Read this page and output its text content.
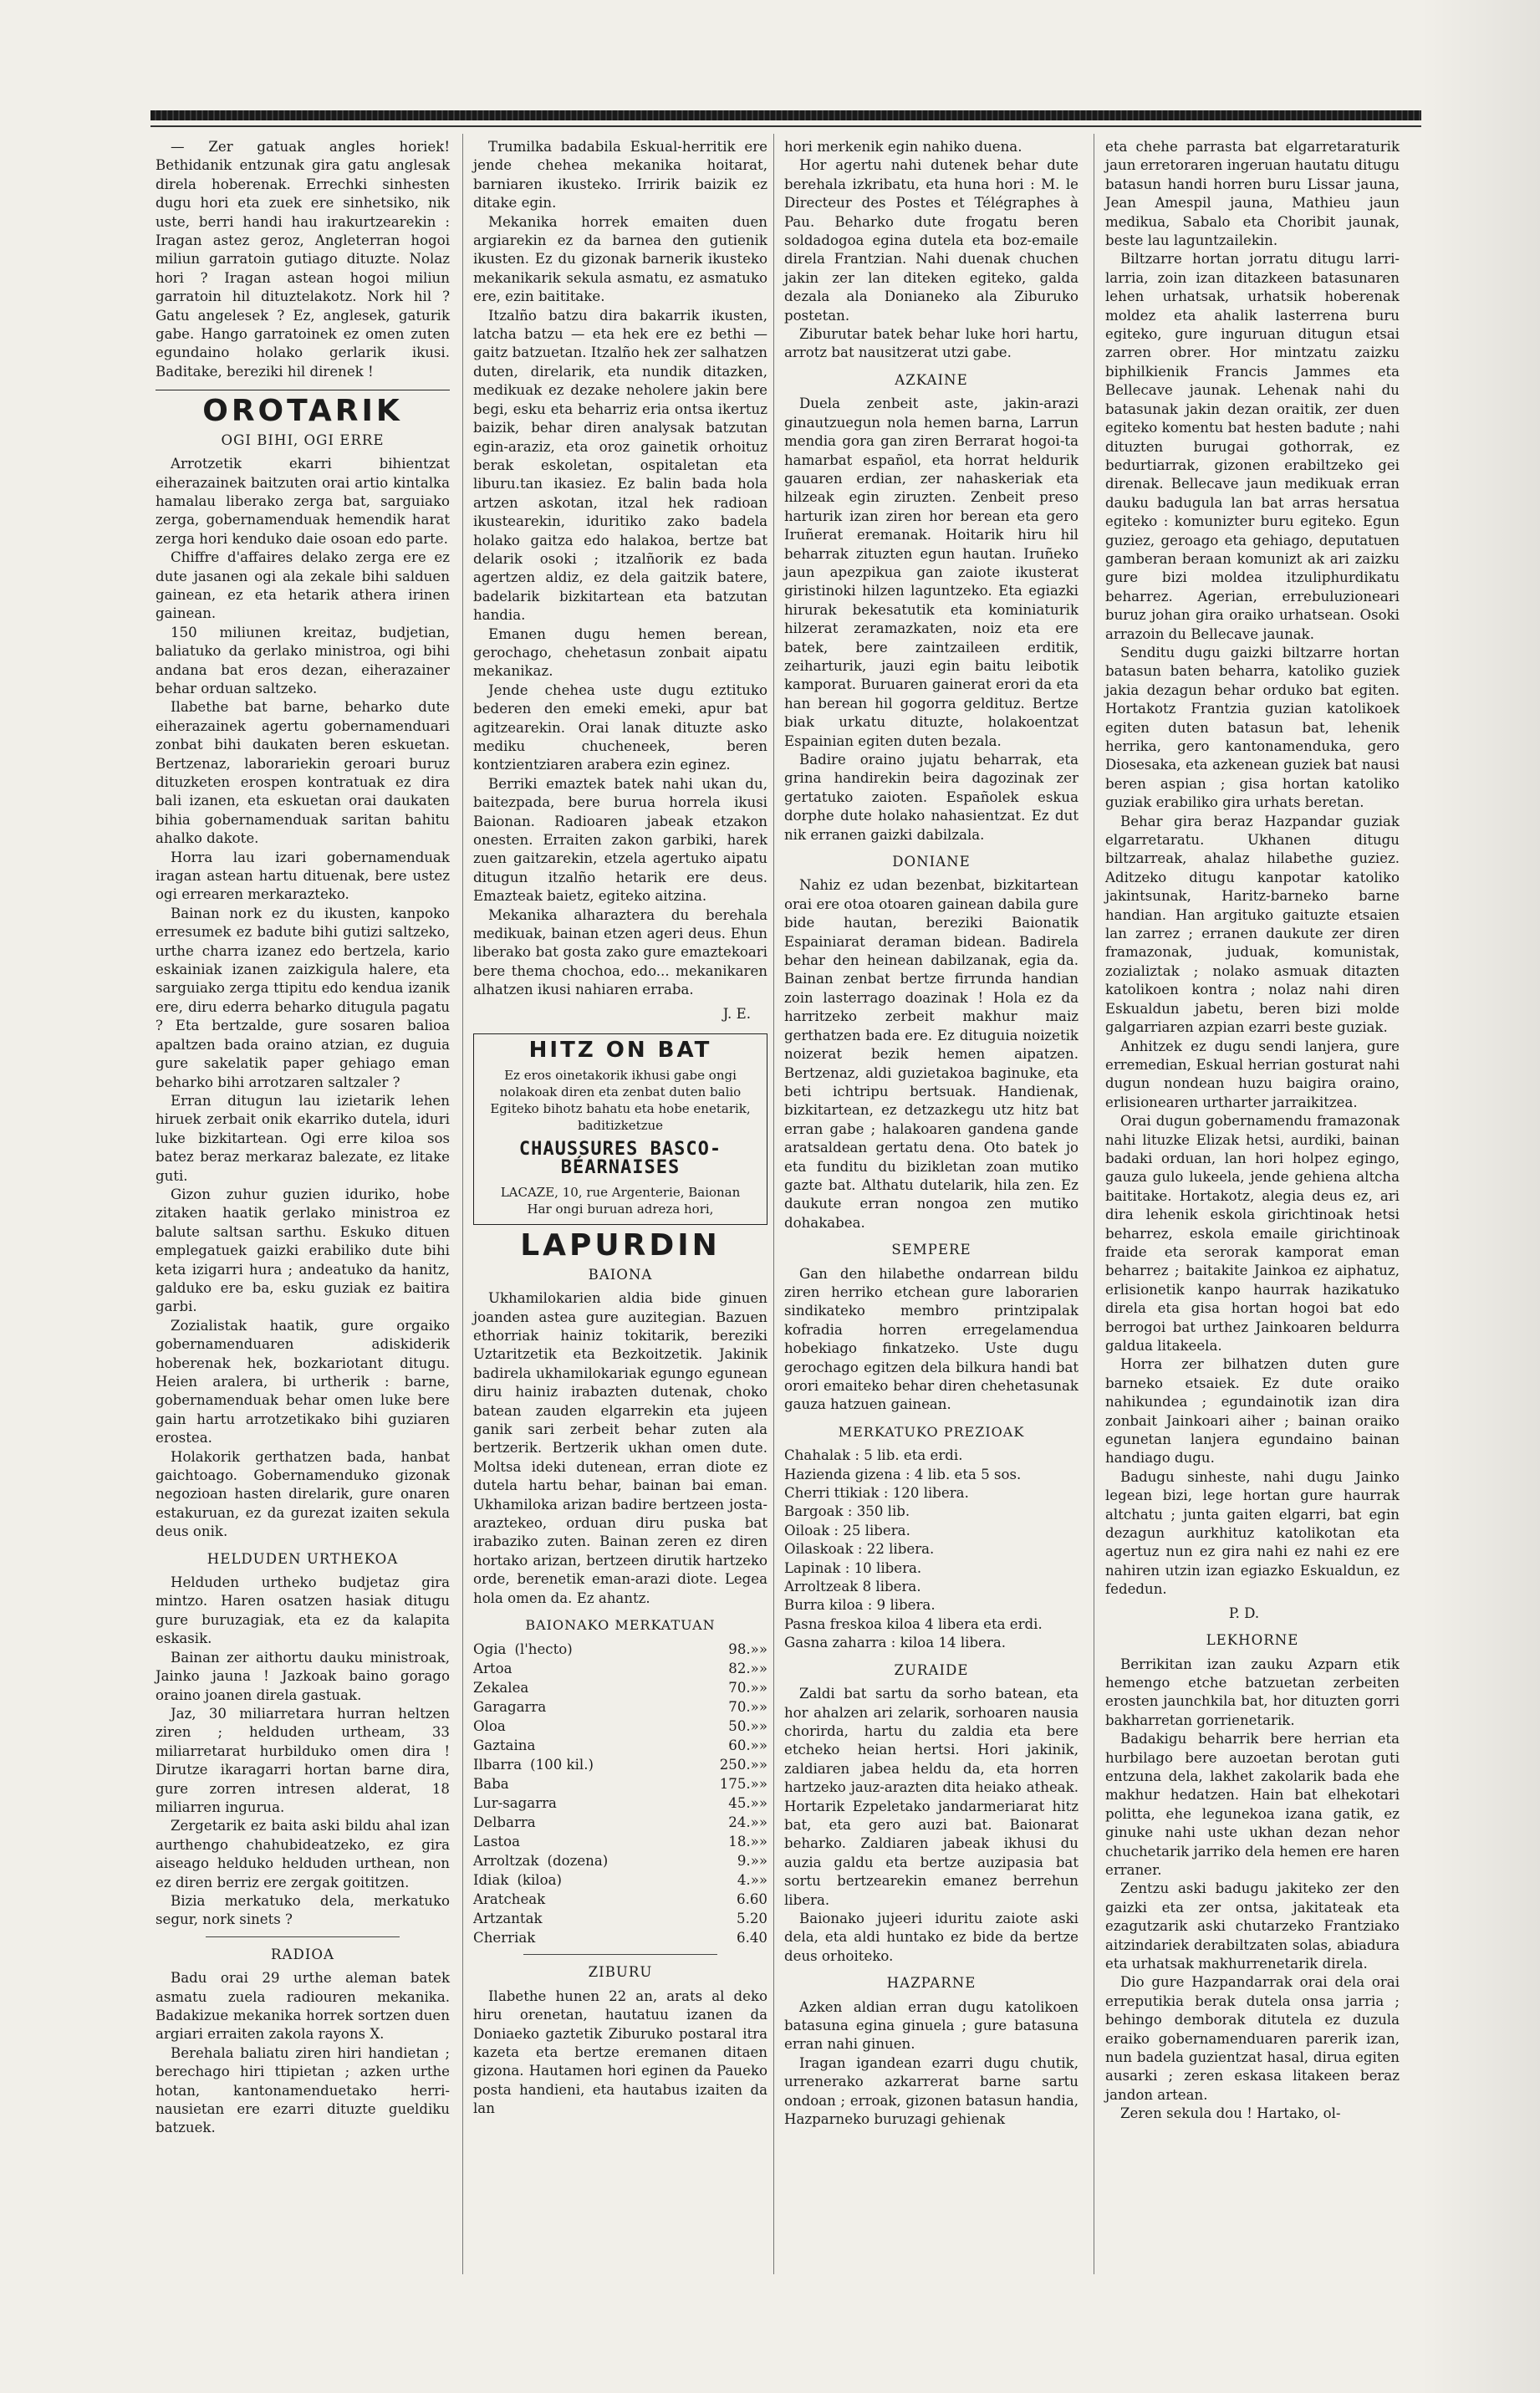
— Zer gatuak angles horiek! Bethidanik entzunak gira gatu anglesak direla hoberenak. Errechki sinhesten dugu hori eta zuek ere sinhetsiko, nik uste, berri handi hau irakurtzearekin : Iragan astez geroz, Angleterran hogoi miliun garratoin gutiago dituzte. Nolaz hori ? Iragan astean hogoi miliun garratoin hil dituztelakotz. Nork hil ? Gatu angelesek ? Ez, anglesek, gaturik gabe. Hango garratoinek ez omen zuten egundaino holako gerlarik ikusi. Baditake, bereziki hil direnek !

OROTARIK
OGI BIHI, OGI ERRE

Arrotzetik ekarri bihientzat eiherazainek baitzuten orai artio kintalka hamalau liberako zerga bat, sarguiako zerga, gobernamenduak hemendik harat zerga hori kenduko daie osoan edo parte.

Chiffre d'affaires delako zerga ere ez dute jasanen ogi ala zekale bihi salduen gainean, ez eta hetarik athera irinen gainean.

150 miliunen kreitaz, budjetian, baliatuko da gerlako ministroa, ogi bihi andana bat eros dezan, eiherazainer behar orduan saltzeko.

Ilabethe bat barne, beharko dute eiherazainek agertu gobernamenduari zonbat bihi daukaten beren eskuetan. Bertzenaz, laborariekin geroari buruz dituzketen erospen kontratuak ez dira bali izanen, eta eskuetan orai daukaten bihia gobernamenduak saritan bahitu ahalko dakote.

Horra lau izari gobernamenduak iragan astean hartu dituenak, bere ustez ogi errearen merkarazteko.

Bainan nork ez du ikusten, kanpoko erresumek ez badute bihi gutizi saltzeko, urthe charra izanez edo bertzela, kario eskainiak izanen zaizkigula halere, eta sarguiako zerga ttipitu edo kendua izanik ere, diru ederra beharko ditugula pagatu ? Eta bertzalde, gure sosaren balioa apaltzen bada oraino atzian, ez duguia gure sakelatik paper gehiago eman beharko bihi arrotzaren saltzaler ?

Erran ditugun lau izietarik lehen hiruek zerbait onik ekarriko dutela, iduri luke bizkitartean. Ogi erre kiloa sos batez beraz merkaraz balezate, ez litake guti.

Gizon zuhur guzien iduriko, hobe zitaken haatik gerlako ministroa ez balute saltsan sarthu. Eskuko dituen emplegatuek gaizki erabiliko dute bihi keta izigarri hura ; andeatuko da hanitz, galduko ere ba, esku guziak ez baitira garbi.

Zozialistak haatik, gure orgaiko gobernamenduaren adiskiderik hoberenak hek, bozkariotant ditugu. Heien aralera, bi urtherik : barne, gobernamenduak behar omen luke bere gain hartu arrotzetikako bihi guziaren erostea.

Holakorik gerthatzen bada, hanbat gaichtoago. Gobernamenduko gizonak negozioan hasten direlarik, gure onaren estakuruan, ez da gurezat izaiten sekula deus onik.

HELDUDEN URTHEKOA

Helduden urtheko budjetaz gira mintzo. Haren osatzen hasiak ditugu gure buruzagiak, eta ez da kalapita eskasik.

Bainan zer aithortu dauku ministroak, Jainko jauna ! Jazkoak baino gorago oraino joanen direla gastuak.

Jaz, 30 miliarretara hurran heltzen ziren ; helduden urtheam, 33 miliarretarat hurbilduko omen dira ! Dirutze ikaragarri hortan barne dira, gure zorren intresen alderat, 18 miliarren ingurua.

Zergetarik ez baita aski bildu ahal izan aurthengo chahubideatzeko, ez gira aiseago helduko helduden urthean, non ez diren berriz ere zergak goititzen.

Bizia merkatuko dela, merkatuko segur, nork sinets ?

RADIOA

Badu orai 29 urthe aleman batek asmatu zuela radiouren mekanika. Badakizue mekanika horrek sortzen duen argiari erraiten zakola rayons X.

Berehala baliatu ziren hiri handietan ; berechago hiri ttipietan ; azken urthe hotan, kantonamenduetako herri-nausietan ere ezarri dituzte gueldiku batzuek.

Trumilka badabila Eskual-herritik ere jende chehea mekanika hoitarat, barniaren ikusteko. Irririk baizik ez ditake egin.

Mekanika horrek emaiten duen argiarekin ez da barnea den gutienik ikusten. Ez du gizonak barnerik ikusteko mekanikarik sekula asmatu, ez asmatuko ere, ezin baititake.

Itzalño batzu dira bakarrik ikusten, latcha batzu — eta hek ere ez bethi — gaitz batzuetan. Itzalño hek zer salhatzen duten, direlarik, eta nundik ditazken, medikuak ez dezake neholere jakin bere begi, esku eta beharriz eria ontsa ikertuz baizik, behar diren analysak batzutan egin-araziz, eta oroz gainetik orhoituz berak eskoletan, ospitaletan eta liburu.tan ikasiez. Ez balin bada hola artzen askotan, itzal hek radioan ikustearekin, iduritiko zako badela holako gaitza edo halakoa, bertze bat delarik osoki ; itzalñorik ez bada agertzen aldiz, ez dela gaitzik batere, badelarik bizkitartean eta batzutan handia.

Emanen dugu hemen berean, gerochago, chehetasun zonbait aipatu mekanikaz.

Jende chehea uste dugu eztituko bederen den emeki emeki, apur bat agitzearekin. Orai lanak dituzte asko mediku chucheneek, beren kontzientziaren arabera ezin eginez.

Berriki emaztek batek nahi ukan du, baitezpada, bere burua horrela ikusi Baionan. Radioaren jabeak etzakon onesten. Erraiten zakon garbiki, harek zuen gaitzarekin, etzela agertuko aipatu ditugun itzalño hetarik ere deus. Emazteak baietz, egiteko aitzina.

Mekanika alharaztera du berehala medikuak, bainan etzen ageri deus. Ehun liberako bat gosta zako gure emaztekoari bere thema chochoa, edo... mekanikaren alhatzen ikusi nahiaren erraba.

J. E.
HITZ ON BAT
Ez eros oinetakorik ikhusi gabe ongi nolakoak diren eta zenbat duten balio Egiteko bihotz bahatu eta hobe enetarik, baditizketzue
CHAUSSURES BASCO-BÉARNAISES
LACAZE, 10, rue Argenterie, Baionan
Har ongi buruan adreza hori,
LAPURDIN
BAIONA

Ukhamilokarien aldia bide ginuen joanden astea gure auzitegian. Bazuen ethorriak hainiz tokitarik, bereziki Uztaritzetik eta Bezkoitzetik. Jakinik badirela ukhamilokariak egungo egunean diru hainiz irabazten dutenak, choko batean zauden elgarrekin eta jujeen ganik sari zerbeit behar zuten ala bertzerik. Bertzerik ukhan omen dute. Moltsa ideki dutenean, erran diote ez dutela hartu behar, bainan bai eman. Ukhamiloka arizan badire bertzeen josta-araztekeo, orduan diru puska bat irabaziko zuten. Bainan zeren ez diren hortako arizan, bertzeen dirutik hartzeko orde, berenetik eman-arazi diote. Legea hola omen da. Ez ahantz.

BAIONAKO MERKATUAN
Ogia (l'hecto)	98.»»
Artoa	82.»»
Zekalea	70.»»
Garagarra	70.»»
Oloa	50.»»
Gaztaina	60.»»
Ilbarra (100 kil.)	250.»»
Baba	175.»»
Lur-sagarra	45.»»
Delbarra	24.»»
Lastoa	18.»»
Arroltzak (dozena)	9.»»
Idiak (kiloa)	4.»»
Aratcheak	6.60
Artzantak	5.20
Cherriak	6.40
ZIBURU

Ilabethe hunen 22 an, arats al deko hiru orenetan, hautatuu izanen da Doniaeko gaztetik Ziburuko postaral itra kazeta eta bertze eremanen ditaen gizona. Hautamen hori eginen da Paueko posta handieni, eta hautabus izaiten da lan

hori merkenik egin nahiko duena.

Hor agertu nahi dutenek behar dute berehala izkribatu, eta huna hori : M. le Directeur des Postes et Télégraphes à Pau. Beharko dute frogatu beren soldadogoa egina dutela eta boz-emaile direla Frantzian. Nahi duenak chuchen jakin zer lan diteken egiteko, galda dezala ala Donianeko ala Ziburuko postetan.

Ziburutar batek behar luke hori hartu, arrotz bat nausitzerat utzi gabe.

AZKAINE

Duela zenbeit aste, jakin-arazi ginautzuegun nola hemen barna, Larrun mendia gora gan ziren Berrarat hogoi-ta hamarbat español, eta horrat heldurik gauaren erdian, zer nahaskeriak eta hilzeak egin ziruzten. Zenbeit preso harturik izan ziren hor berean eta gero Iruñerat eremanak. Hoitarik hiru hil beharrak zituzten egun hautan. Iruñeko jaun apezpikua gan zaiote ikusterat giristinoki hilzen laguntzeko. Eta egiazki hirurak bekesatutik eta kominiaturik hilzerat zeramazkaten, noiz eta ere batek, bere zaintzaileen erditik, zeiharturik, jauzi egin baitu leibotik kamporat. Buruaren gainerat erori da eta han berean hil gogorra geldituz. Bertze biak urkatu dituzte, holakoentzat Espainian egiten duten bezala.

Badire oraino jujatu beharrak, eta grina handirekin beira dagozinak zer gertatuko zaioten. Españolek eskua dorphe dute holako nahasientzat. Ez dut nik erranen gaizki dabilzala.

DONIANE

Nahiz ez udan bezenbat, bizkitartean orai ere otoa otoaren gainean dabila gure bide hautan, bereziki Baionatik Espainiarat deraman bidean. Badirela behar den heinean dabilzanak, egia da. Bainan zenbat bertze firrunda handian zoin lasterrago doazinak ! Hola ez da harritzeko zerbeit makhur maiz gerthatzen bada ere. Ez dituguia noizetik noizerat bezik hemen aipatzen. Bertzenaz, aldi guzietakoa baginuke, eta beti ichtripu bertsuak. Handienak, bizkitartean, ez detzazkegu utz hitz bat erran gabe ; halakoaren gandena gande aratsaldean gertatu dena. Oto batek jo eta funditu du bizikletan zoan mutiko gazte bat. Althatu dutelarik, hila zen. Ez daukute erran nongoa zen mutiko dohakabea.

SEMPERE

Gan den hilabethe ondarrean bildu ziren herriko etchean gure laborarien sindikateko membro printzipalak kofradia horren erregelamendua hobekiago finkatzeko. Uste dugu gerochago egitzen dela bilkura handi bat orori emaiteko behar diren chehetasunak gauza hatzuen gainean.

MERKATUKO PREZIOAK
Chahalak : 5 lib. eta erdi.
Hazienda gizena : 4 lib. eta 5 sos.
Cherri ttikiak : 120 libera.
Bargoak : 350 lib.
Oiloak : 25 libera.
Oilaskoak : 22 libera.
Lapinak : 10 libera.
Arroltzeak 8 libera.
Burra kiloa : 9 libera.
Pasna freskoa kiloa 4 libera eta erdi.
Gasna zaharra : kiloa 14 libera.
ZURAIDE

Zaldi bat sartu da sorho batean, eta hor ahalzen ari zelarik, sorhoaren nausia chorirda, hartu du zaldia eta bere etcheko heian hertsi. Hori jakinik, zaldiaren jabea heldu da, eta horren hartzeko jauz-arazten dita heiako atheak. Hortarik Ezpeletako jandarmeriarat hitz bat, eta gero auzi bat. Baionarat beharko. Zaldiaren jabeak ikhusi du auzia galdu eta bertze auzipasia bat sortu bertzearekin emanez berrehun libera.

Baionako jujeeri iduritu zaiote aski dela, eta aldi huntako ez bide da bertze deus orhoiteko.

HAZPARNE

Azken aldian erran dugu katolikoen batasuna egina ginuela ; gure batasuna erran nahi ginuen.

Iragan igandean ezarri dugu chutik, urrenerako azkarrerat barne sartu ondoan ; erroak, gizonen batasun handia, Hazparneko buruzagi gehienak

eta chehe parrasta bat elgarretaraturik jaun erretoraren ingeruan hautatu ditugu batasun handi horren buru Lissar jauna, Jean Amespil jauna, Mathieu jaun medikua, Sabalo eta Choribit jaunak, beste lau laguntzailekin.

Biltzarre hortan jorratu ditugu larri-larria, zoin izan ditazkeen batasunaren lehen urhatsak, urhatsik hoberenak moldez eta ahalik lasterrena buru egiteko, gure inguruan ditugun etsai zarren obrer. Hor mintzatu zaizku biphilkienik Francis Jammes eta Bellecave jaunak. Lehenak nahi du batasunak jakin dezan oraitik, zer duen egiteko komentu bat hesten badute ; nahi dituzten burugai gothorrak, ez bedurtiarrak, gizonen erabiltzeko gei direnak. Bellecave jaun medikuak erran dauku badugula lan bat arras hersatua egiteko : komunizter buru egiteko. Egun guziez, geroago eta gehiago, deputatuen gamberan beraan komunizt ak ari zaizku gure bizi moldea itzuliphurdikatu beharrez. Agerian, errebuluzioneari buruz johan gira oraiko urhatsean. Osoki arrazoin du Bellecave jaunak.

Senditu dugu gaizki biltzarre hortan batasun baten beharra, katoliko guziek jakia dezagun behar orduko bat egiten. Hortakotz Frantzia guzian katolikoek egiten duten batasun bat, lehenik herrika, gero kantonamenduka, gero Diosesaka, eta azkenean guziek bat nausi beren aspian ; gisa hortan katoliko guziak erabiliko gira urhats beretan.

Behar gira beraz Hazpandar guziak elgarretaratu. Ukhanen ditugu biltzarreak, ahalaz hilabethe guziez. Aditzeko ditugu kanpotar katoliko jakintsunak, Haritz-barneko barne handian. Han argituko gaituzte etsaien lan zarrez ; erranen daukute zer diren framazonak, juduak, komunistak, zozializtak ; nolako asmuak ditazten katolikoen kontra ; nolaz nahi diren Eskualdun jabetu, beren bizi molde galgarriaren azpian ezarri beste guziak.

Anhitzek ez dugu sendi lanjera, gure erremedian, Eskual herrian gosturat nahi dugun nondean huzu baigira oraino, erlisionearen urtharter jarraikitzea.

Orai dugun gobernamendu framazonak nahi lituzke Elizak hetsi, aurdiki, bainan badaki orduan, lan hori holpez egingo, gauza gulo lukeela, jende gehiena altcha baititake. Hortakotz, alegia deus ez, ari dira lehenik eskola girichtinoak hetsi beharrez, eskola emaile girichtinoak fraide eta serorak kamporat eman beharrez ; baitakite Jainkoa ez aiphatuz, erlisionetik kanpo haurrak hazikatuko direla eta gisa hortan hogoi bat edo berrogoi bat urthez Jainkoaren beldurra galdua litakeela.

Horra zer bilhatzen duten gure barneko etsaiek. Ez dute oraiko nahikundea ; egundainotik izan dira zonbait Jainkoari aiher ; bainan oraiko egunetan lanjera egundaino bainan handiago dugu.

Badugu sinheste, nahi dugu Jainko legean bizi, lege hortan gure haurrak altchatu ; junta gaiten elgarri, bat egin dezagun aurkhituz katolikotan eta agertuz nun ez gira nahi ez nahi ez ere nahiren utzin izan egiazko Eskualdun, ez fededun.

P. D.
LEKHORNE

Berrikitan izan zauku Azparn etik hemengo etche batzuetan zerbeiten erosten jaunchkila bat, hor dituzten gorri bakharretan gorrienetarik.

Badakigu beharrik bere herrian eta hurbilago bere auzoetan berotan guti entzuna dela, lakhet zakolarik bada ehe makhur hedatzen. Hain bat elhekotari politta, ehe legunekoa izana gatik, ez ginuke nahi uste ukhan dezan nehor chuchetarik jarriko dela hemen ere haren erraner.

Zentzu aski badugu jakiteko zer den gaizki eta zer ontsa, jakitateak eta ezagutzarik aski chutarzeko Frantziako aitzindariek derabiltzaten solas, abiadura eta urhatsak makhurrenetarik direla.

Dio gure Hazpandarrak orai dela orai erreputikia berak dutela onsa jarria ; behingo demborak ditutela ez duzula eraiko gobernamenduaren parerik izan, nun badela guzientzat hasal, dirua egiten ausarki ; zeren eskasa litakeen beraz jandon artean.

Zeren sekula dou ! Hartako, ol-
